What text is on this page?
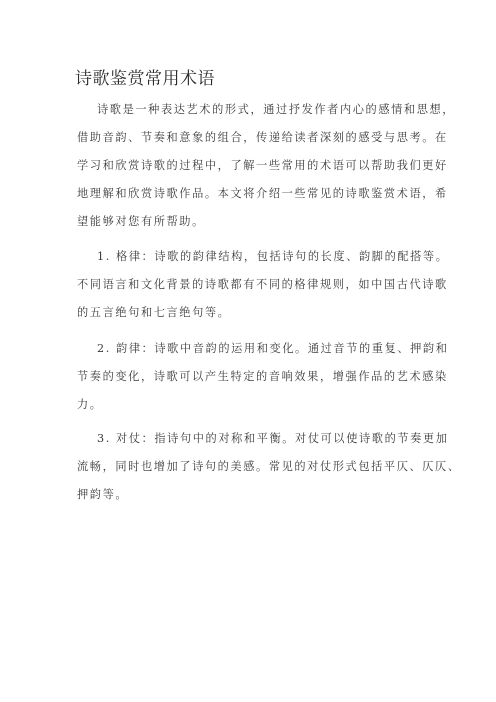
诗歌鉴赏常用术语
诗歌是一种表达艺术的形式，通过抒发作者内心的感情和思想，
借助音韵、节奏和意象的组合，传递给读者深刻的感受与思考。在
学习和欣赏诗歌的过程中，了解一些常用的术语可以帮助我们更好
地理解和欣赏诗歌作品。本文将介绍一些常见的诗歌鉴赏术语，希
望能够对您有所帮助。
1. 格律：诗歌的韵律结构，包括诗句的长度、韵脚的配搭等。
不同语言和文化背景的诗歌都有不同的格律规则，如中国古代诗歌
的五言绝句和七言绝句等。
2. 韵律：诗歌中音韵的运用和变化。通过音节的重复、押韵和
节奏的变化，诗歌可以产生特定的音响效果，增强作品的艺术感染
力。
3. 对仗：指诗句中的对称和平衡。对仗可以使诗歌的节奏更加
流畅，同时也增加了诗句的美感。常见的对仗形式包括平仄、仄仄、
押韵等。
